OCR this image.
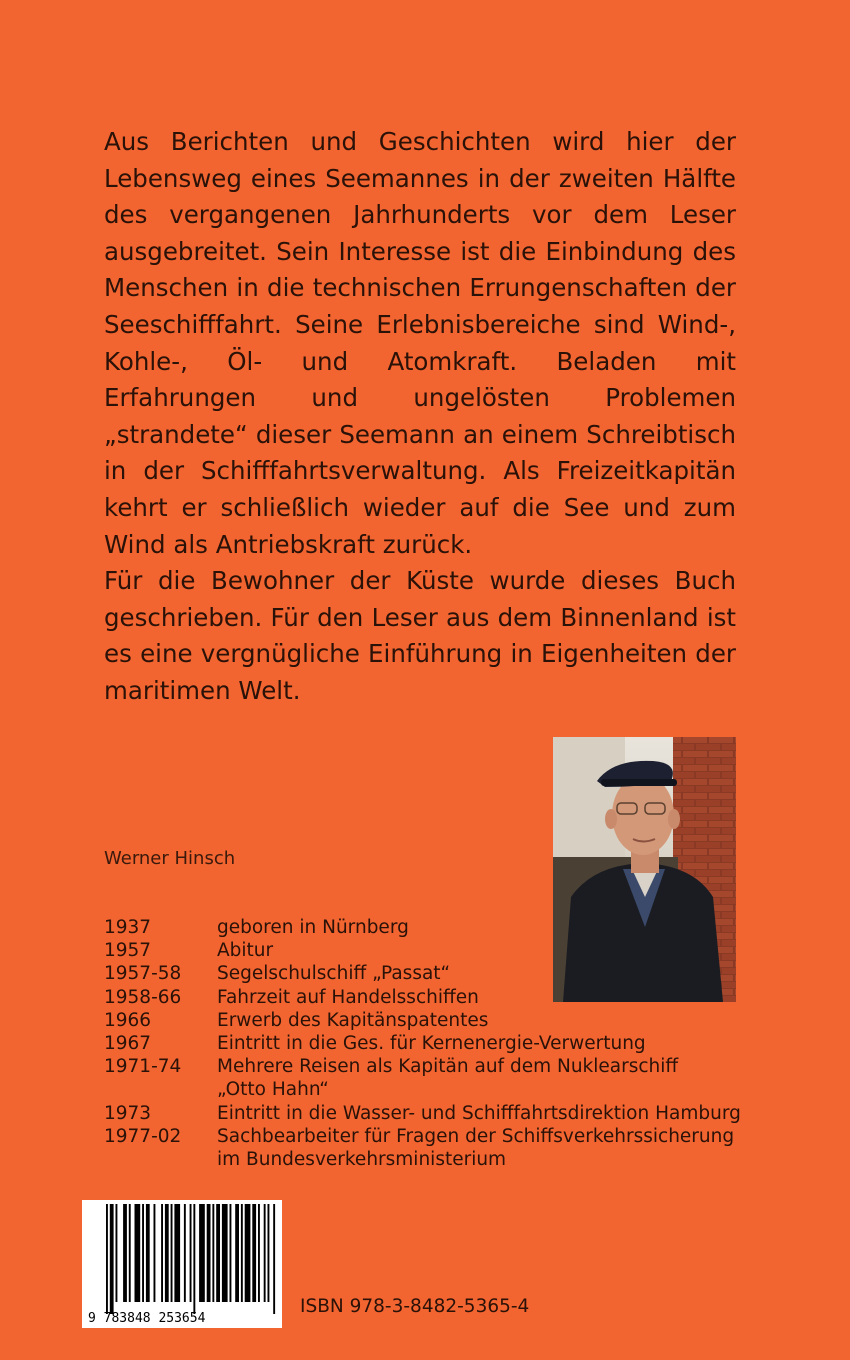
Aus Berichten und Geschichten wird hier der Lebensweg eines Seemannes in der zweiten Hälfte des vergangenen Jahrhunderts vor dem Leser ausgebreitet. Sein Interesse ist die Einbindung des Menschen in die technischen Errungenschaften der Seeschifffahrt. Seine Erlebnisbereiche sind Wind-, Kohle-, Öl- und Atomkraft. Beladen mit Erfahrungen und ungelösten Problemen „strandete“ dieser Seemann an einem Schreibtisch in der Schifffahrtsverwaltung. Als Freizeitkapitän kehrt er schließlich wieder auf die See und zum Wind als Antriebskraft zurück.

Für die Bewohner der Küste wurde dieses Buch geschrieben. Für den Leser aus dem Binnenland ist es eine vergnügliche Einführung in Eigenheiten der maritimen Welt.

Werner Hinsch
1937	geboren in Nürnberg
1957	Abitur
1957-58	Segelschulschiff „Passat“
1958-66	Fahrzeit auf Handelsschiffen
1966	Erwerb des Kapitänspatentes
1967	Eintritt in die Ges. für Kernenergie-Verwertung
1971-74	Mehrere Reisen als Kapitän auf dem Nuklearschiff
„Otto Hahn“
1973	Eintritt in die Wasser- und Schifffahrtsdirektion Hamburg
1977-02	Sachbearbeiter für Fragen der Schiffsverkehrssicherung
im Bundesverkehrsministerium
9 783848 253654
ISBN 978-3-8482-5365-4
